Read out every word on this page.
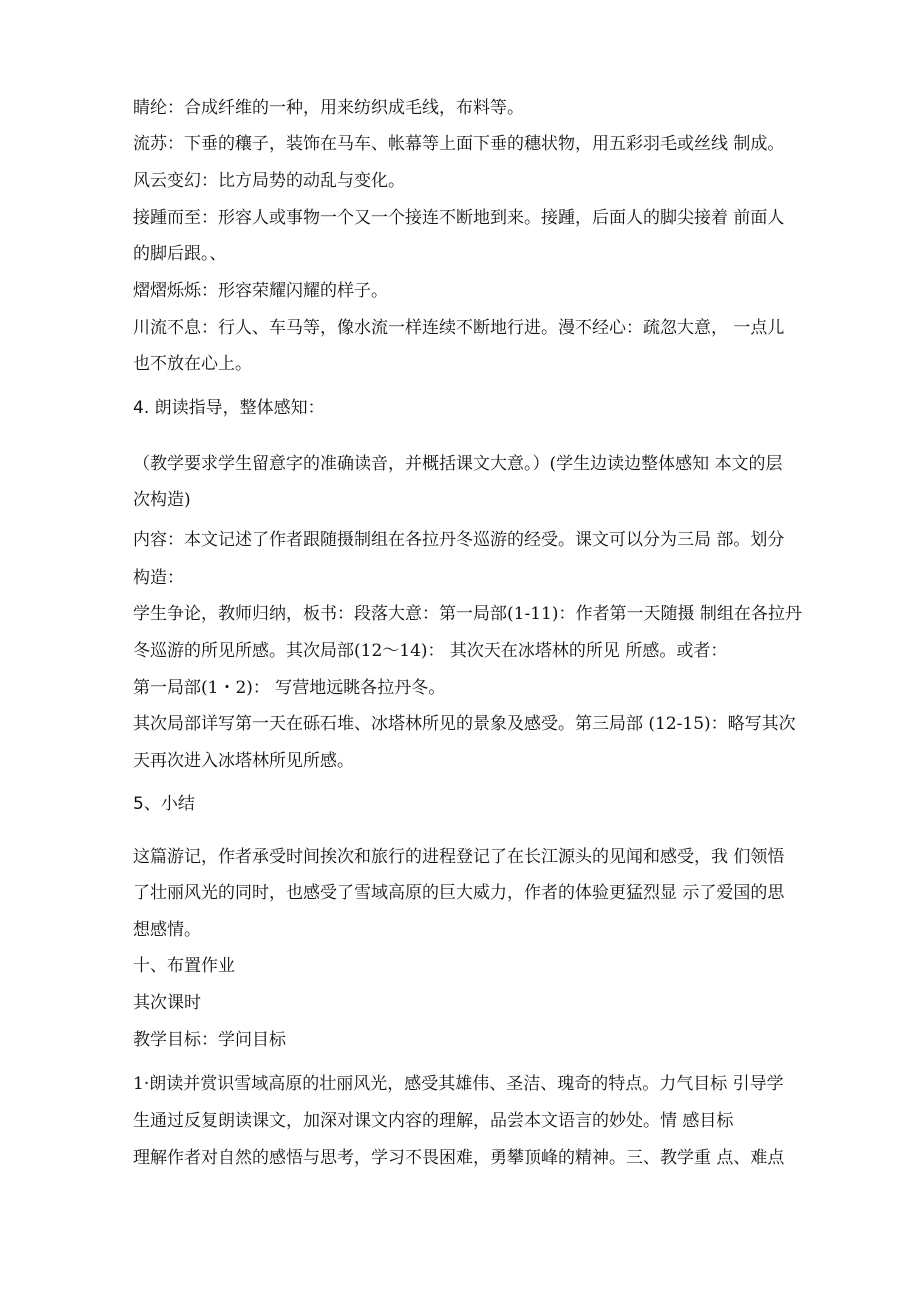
睛纶：合成纤维的一种，用来纺织成毛线，布料等。
流苏：下垂的穰子，装饰在马车、帐幕等上面下垂的穗状物，用五彩羽毛或丝线 制成。
风云变幻：比方局势的动乱与变化。
接踵而至：形容人或事物一个又一个接连不断地到来。接踵，后面人的脚尖接着 前面人
的脚后跟。、
熠熠烁烁：形容荣耀闪耀的样子。
川流不息：行人、车马等，像水流一样连续不断地行进。漫不经心：疏忽大意， 一点儿
也不放在心上。
4. 朗读指导，整体感知：
（教学要求学生留意字的准确读音，并概括课文大意。）(学生边读边整体感知 本文的层
次构造)
内容：本文记述了作者跟随摄制组在各拉丹冬巡游的经受。课文可以分为三局 部。划分
构造：
学生争论，教师归纳，板书：段落大意：第一局部(1-11)：作者第一天随摄 制组在各拉丹
冬巡游的所见所感。其次局部(12〜14)： 其次天在冰塔林的所见 所感。或者：
第一局部(1・2)： 写营地远眺各拉丹冬。
其次局部详写第一天在砾石堆、冰塔林所见的景象及感受。第三局部 (12-15)：略写其次
天再次进入冰塔林所见所感。
5、小结
这篇游记，作者承受时间挨次和旅行的进程登记了在长江源头的见闻和感受，我 们领悟
了壮丽风光的同时，也感受了雪域高原的巨大威力，作者的体验更猛烈显 示了爱国的思
想感情。
十、布置作业
其次课时
教学目标：学问目标
1·朗读并赏识雪域高原的壮丽风光，感受其雄伟、圣洁、瑰奇的特点。力气目标 引导学
生通过反复朗读课文，加深对课文内容的理解，品尝本文语言的妙处。情 感目标
理解作者对自然的感悟与思考，学习不畏困难，勇攀顶峰的精神。三、教学重 点、难点
